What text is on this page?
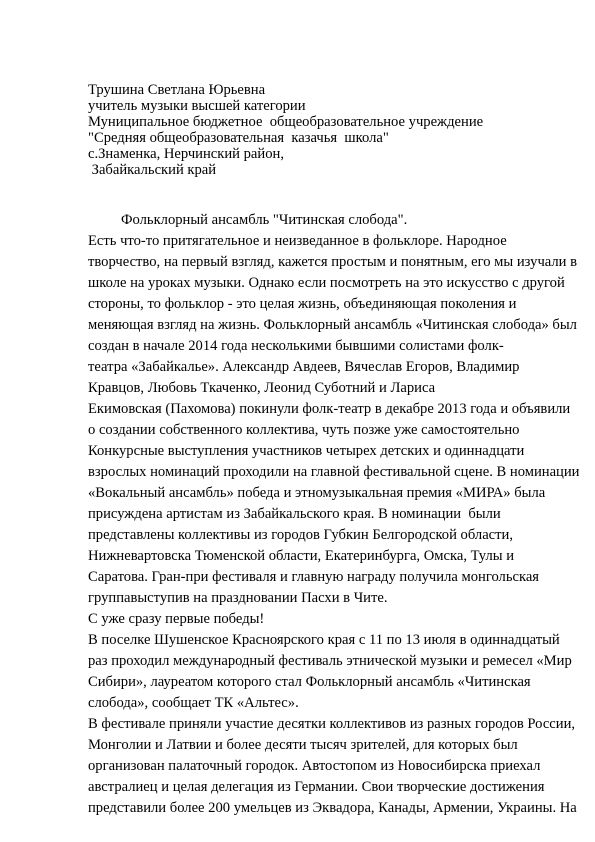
Трушина Светлана Юрьевна
учитель музыки высшей категории
Муниципальное бюджетное  общеобразовательное учреждение
"Средняя общеобразовательная  казачья  школа"
с.Знаменка, Нерчинский район,
Забайкальский край
Фольклорный ансамбль "Читинская слобода".
Есть что-то притягательное и неизведанное в фольклоре. Народное
творчество, на первый взгляд, кажется простым и понятным, его мы изучали в
школе на уроках музыки. Однако если посмотреть на это искусство с другой
стороны, то фольклор - это целая жизнь, объединяющая поколения и
меняющая взгляд на жизнь. Фольклорный ансамбль «Читинская слобода» был
создан в начале 2014 года несколькими бывшими солистами фолк-
театра «Забайкалье». Александр Авдеев, Вячеслав Егоров, Владимир
Кравцов, Любовь Ткаченко, Леонид Суботний и Лариса
Екимовская (Пахомова) покинули фолк-театр в декабре 2013 года и объявили
о создании собственного коллектива, чуть позже уже самостоятельно
Конкурсные выступления участников четырех детских и одиннадцати
взрослых номинаций проходили на главной фестивальной сцене. В номинации
«Вокальный ансамбль» победа и этномузыкальная премия «МИРА» была
присуждена артистам из Забайкальского края. В номинации  были
представлены коллективы из городов Губкин Белгородской области,
Нижневартовска Тюменской области, Екатеринбурга, Омска, Тулы и
Саратова. Гран-при фестиваля и главную награду получила монгольская
группавыступив на праздновании Пасхи в Чите.
С уже сразу первые победы!
В поселке Шушенское Красноярского края с 11 по 13 июля в одиннадцатый
раз проходил международный фестиваль этнической музыки и ремесел «Мир
Сибири», лауреатом которого стал Фольклорный ансамбль «Читинская
слобода», сообщает ТК «Альтес».
В фестивале приняли участие десятки коллективов из разных городов России,
Монголии и Латвии и более десяти тысяч зрителей, для которых был
организован палаточный городок. Автостопом из Новосибирска приехал
австралиец и целая делегация из Германии. Свои творческие достижения
представили более 200 умельцев из Эквадора, Канады, Армении, Украины. На
